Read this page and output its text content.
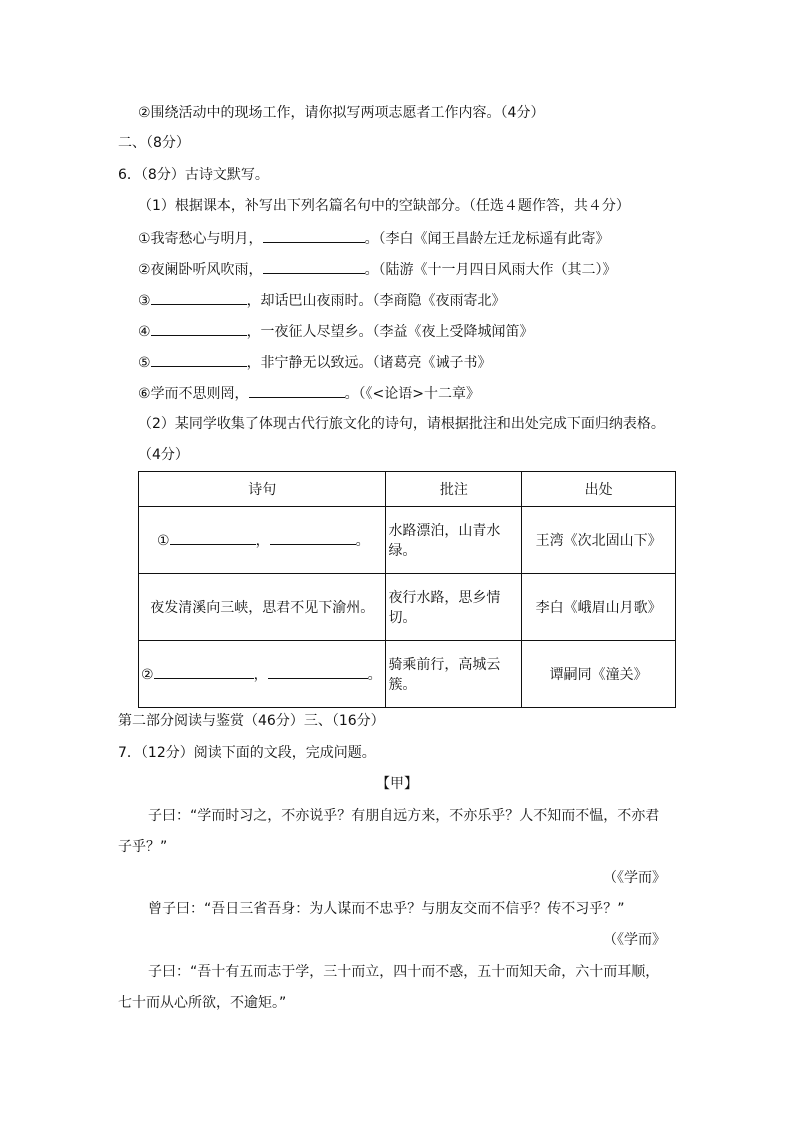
②围绕活动中的现场工作，请你拟写两项志愿者工作内容。（4分）
二、（8分）
6．（8分）古诗文默写。
（1）根据课本，补写出下列名篇名句中的空缺部分。（任选４题作答，共４分）
①我寄愁心与明月，	。（李白《闻王昌龄左迁龙标遥有此寄》
②夜阑卧听风吹雨，	。（陆游《十一月四日风雨大作（其二）》
③	，却话巴山夜雨时。（李商隐《夜雨寄北》
④	，一夜征人尽望乡。（李益《夜上受降城闻笛》
⑤	，非宁静无以致远。（诸葛亮《诫子书》
⑥学而不思则罔，	。（《<论语>十二章》
（2）某同学收集了体现古代行旅文化的诗句，请根据批注和出处完成下面归纳表格。
（4分）
诗句	批注	出处
① ， 。	水路漂泊，山青水绿。	王湾《次北固山下》
夜发清溪向三峡，思君不见下渝州。	夜行水路，思乡情切。	李白《峨眉山月歌》
② ， 。	骑乘前行，高城云簇。	谭嗣同《潼关》
第二部分阅读与鉴赏（46分）三、（16分）
7．（12分）阅读下面的文段，完成问题。
【甲】
子曰：“学而时习之，不亦说乎？有朋自远方来，不亦乐乎？人不知而不愠，不亦君
子乎？”
（《学而》
曾子曰：“吾日三省吾身：为人谋而不忠乎？与朋友交而不信乎？传不习乎？”
（《学而》
子曰：“吾十有五而志于学，三十而立，四十而不惑，五十而知天命，六十而耳顺，
七十而从心所欲，不逾矩。”
